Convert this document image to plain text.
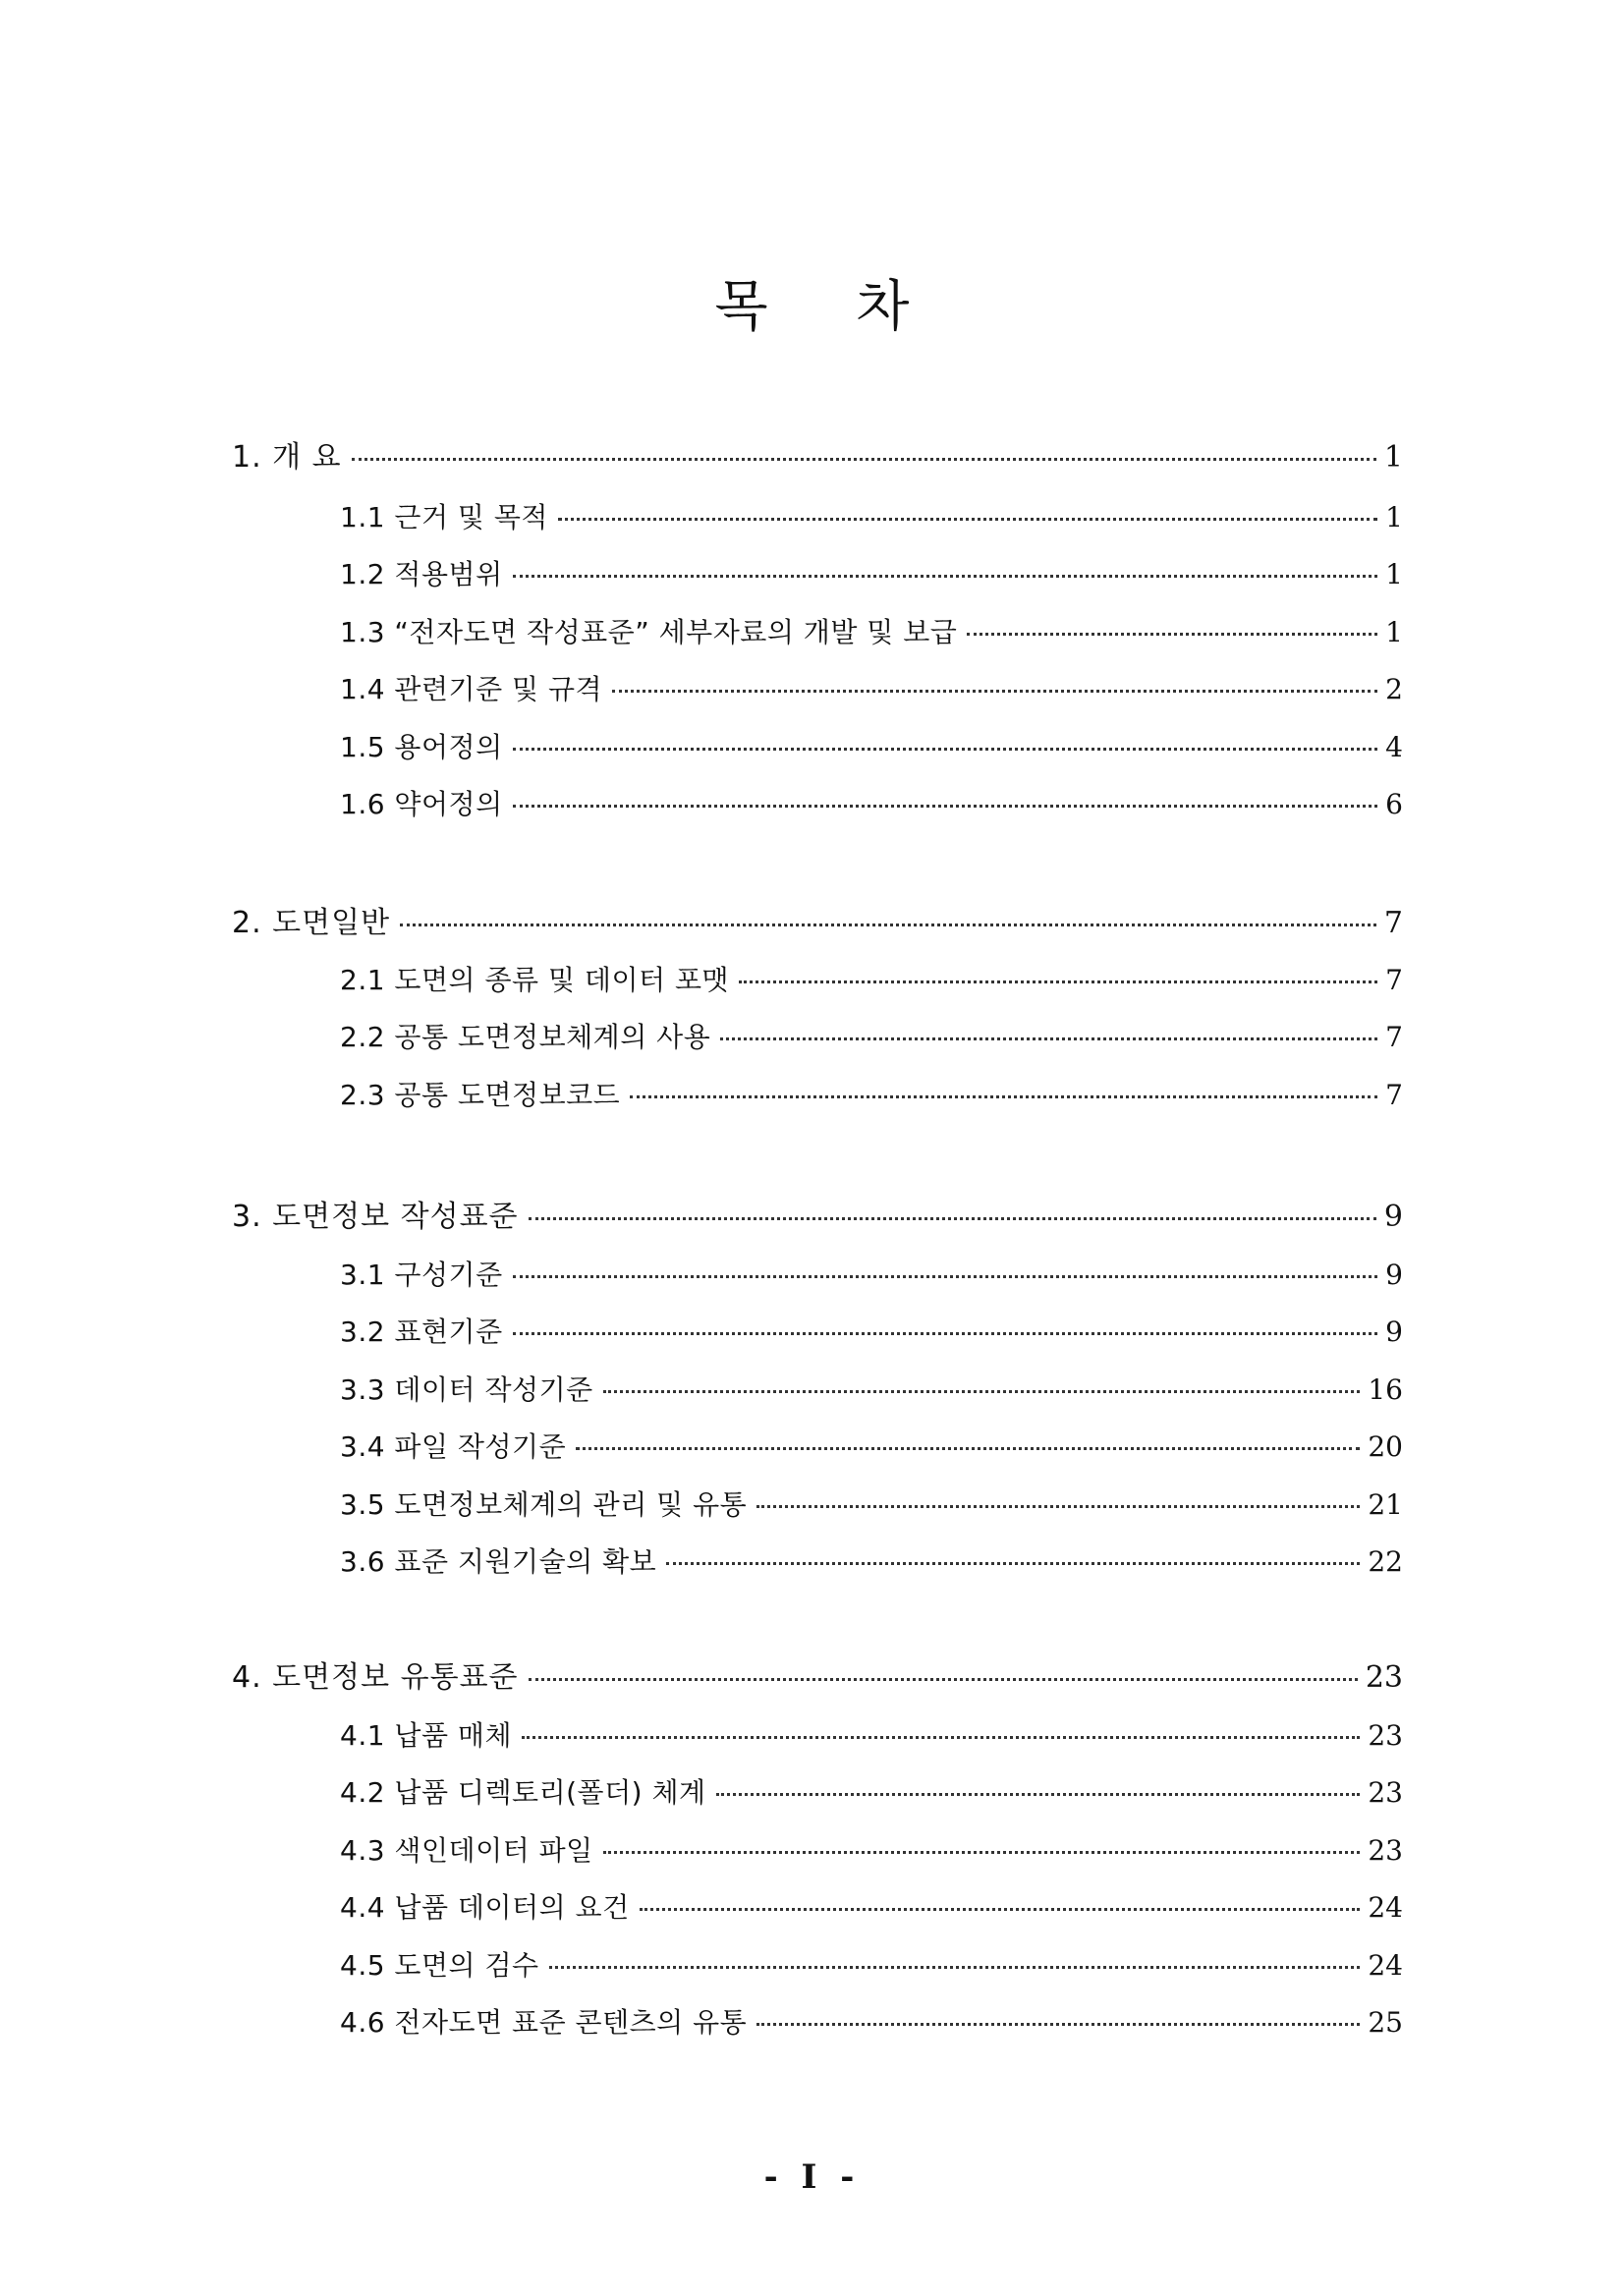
목 차
1. 개 요	1
1.1 근거 및 목적	1
1.2 적용범위	1
1.3 “전자도면 작성표준” 세부자료의 개발 및 보급	1
1.4 관련기준 및 규격	2
1.5 용어정의	4
1.6 약어정의	6
2. 도면일반	7
2.1 도면의 종류 및 데이터 포맷	7
2.2 공통 도면정보체계의 사용	7
2.3 공통 도면정보코드	7
3. 도면정보 작성표준	9
3.1 구성기준	9
3.2 표현기준	9
3.3 데이터 작성기준	16
3.4 파일 작성기준	20
3.5 도면정보체계의 관리 및 유통	21
3.6 표준 지원기술의 확보	22
4. 도면정보 유통표준	23
4.1 납품 매체	23
4.2 납품 디렉토리(폴더) 체계	23
4.3 색인데이터 파일	23
4.4 납품 데이터의 요건	24
4.5 도면의 검수	24
4.6 전자도면 표준 콘텐츠의 유통	25
- I -
